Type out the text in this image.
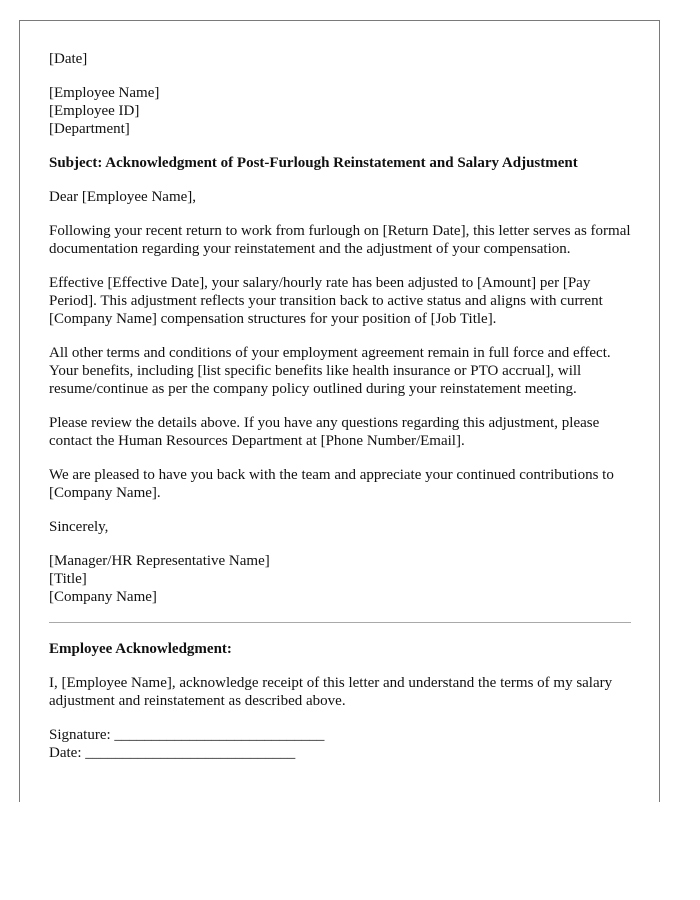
[Date]
[Employee Name]
[Employee ID]
[Department]
Subject: Acknowledgment of Post-Furlough Reinstatement and Salary Adjustment

Dear [Employee Name],

Following your recent return to work from furlough on [Return Date], this letter serves as formal documentation regarding your reinstatement and the adjustment of your compensation.

Effective [Effective Date], your salary/hourly rate has been adjusted to [Amount] per [Pay Period]. This adjustment reflects your transition back to active status and aligns with current [Company Name] compensation structures for your position of [Job Title].

All other terms and conditions of your employment agreement remain in full force and effect. Your benefits, including [list specific benefits like health insurance or PTO accrual], will resume/continue as per the company policy outlined during your reinstatement meeting.

Please review the details above. If you have any questions regarding this adjustment, please contact the Human Resources Department at [Phone Number/Email].

We are pleased to have you back with the team and appreciate your continued contributions to [Company Name].

Sincerely,

[Manager/HR Representative Name]
[Title]
[Company Name]
Employee Acknowledgment:

I, [Employee Name], acknowledge receipt of this letter and understand the terms of my salary adjustment and reinstatement as described above.

Signature: ____________________________
Date: ____________________________
